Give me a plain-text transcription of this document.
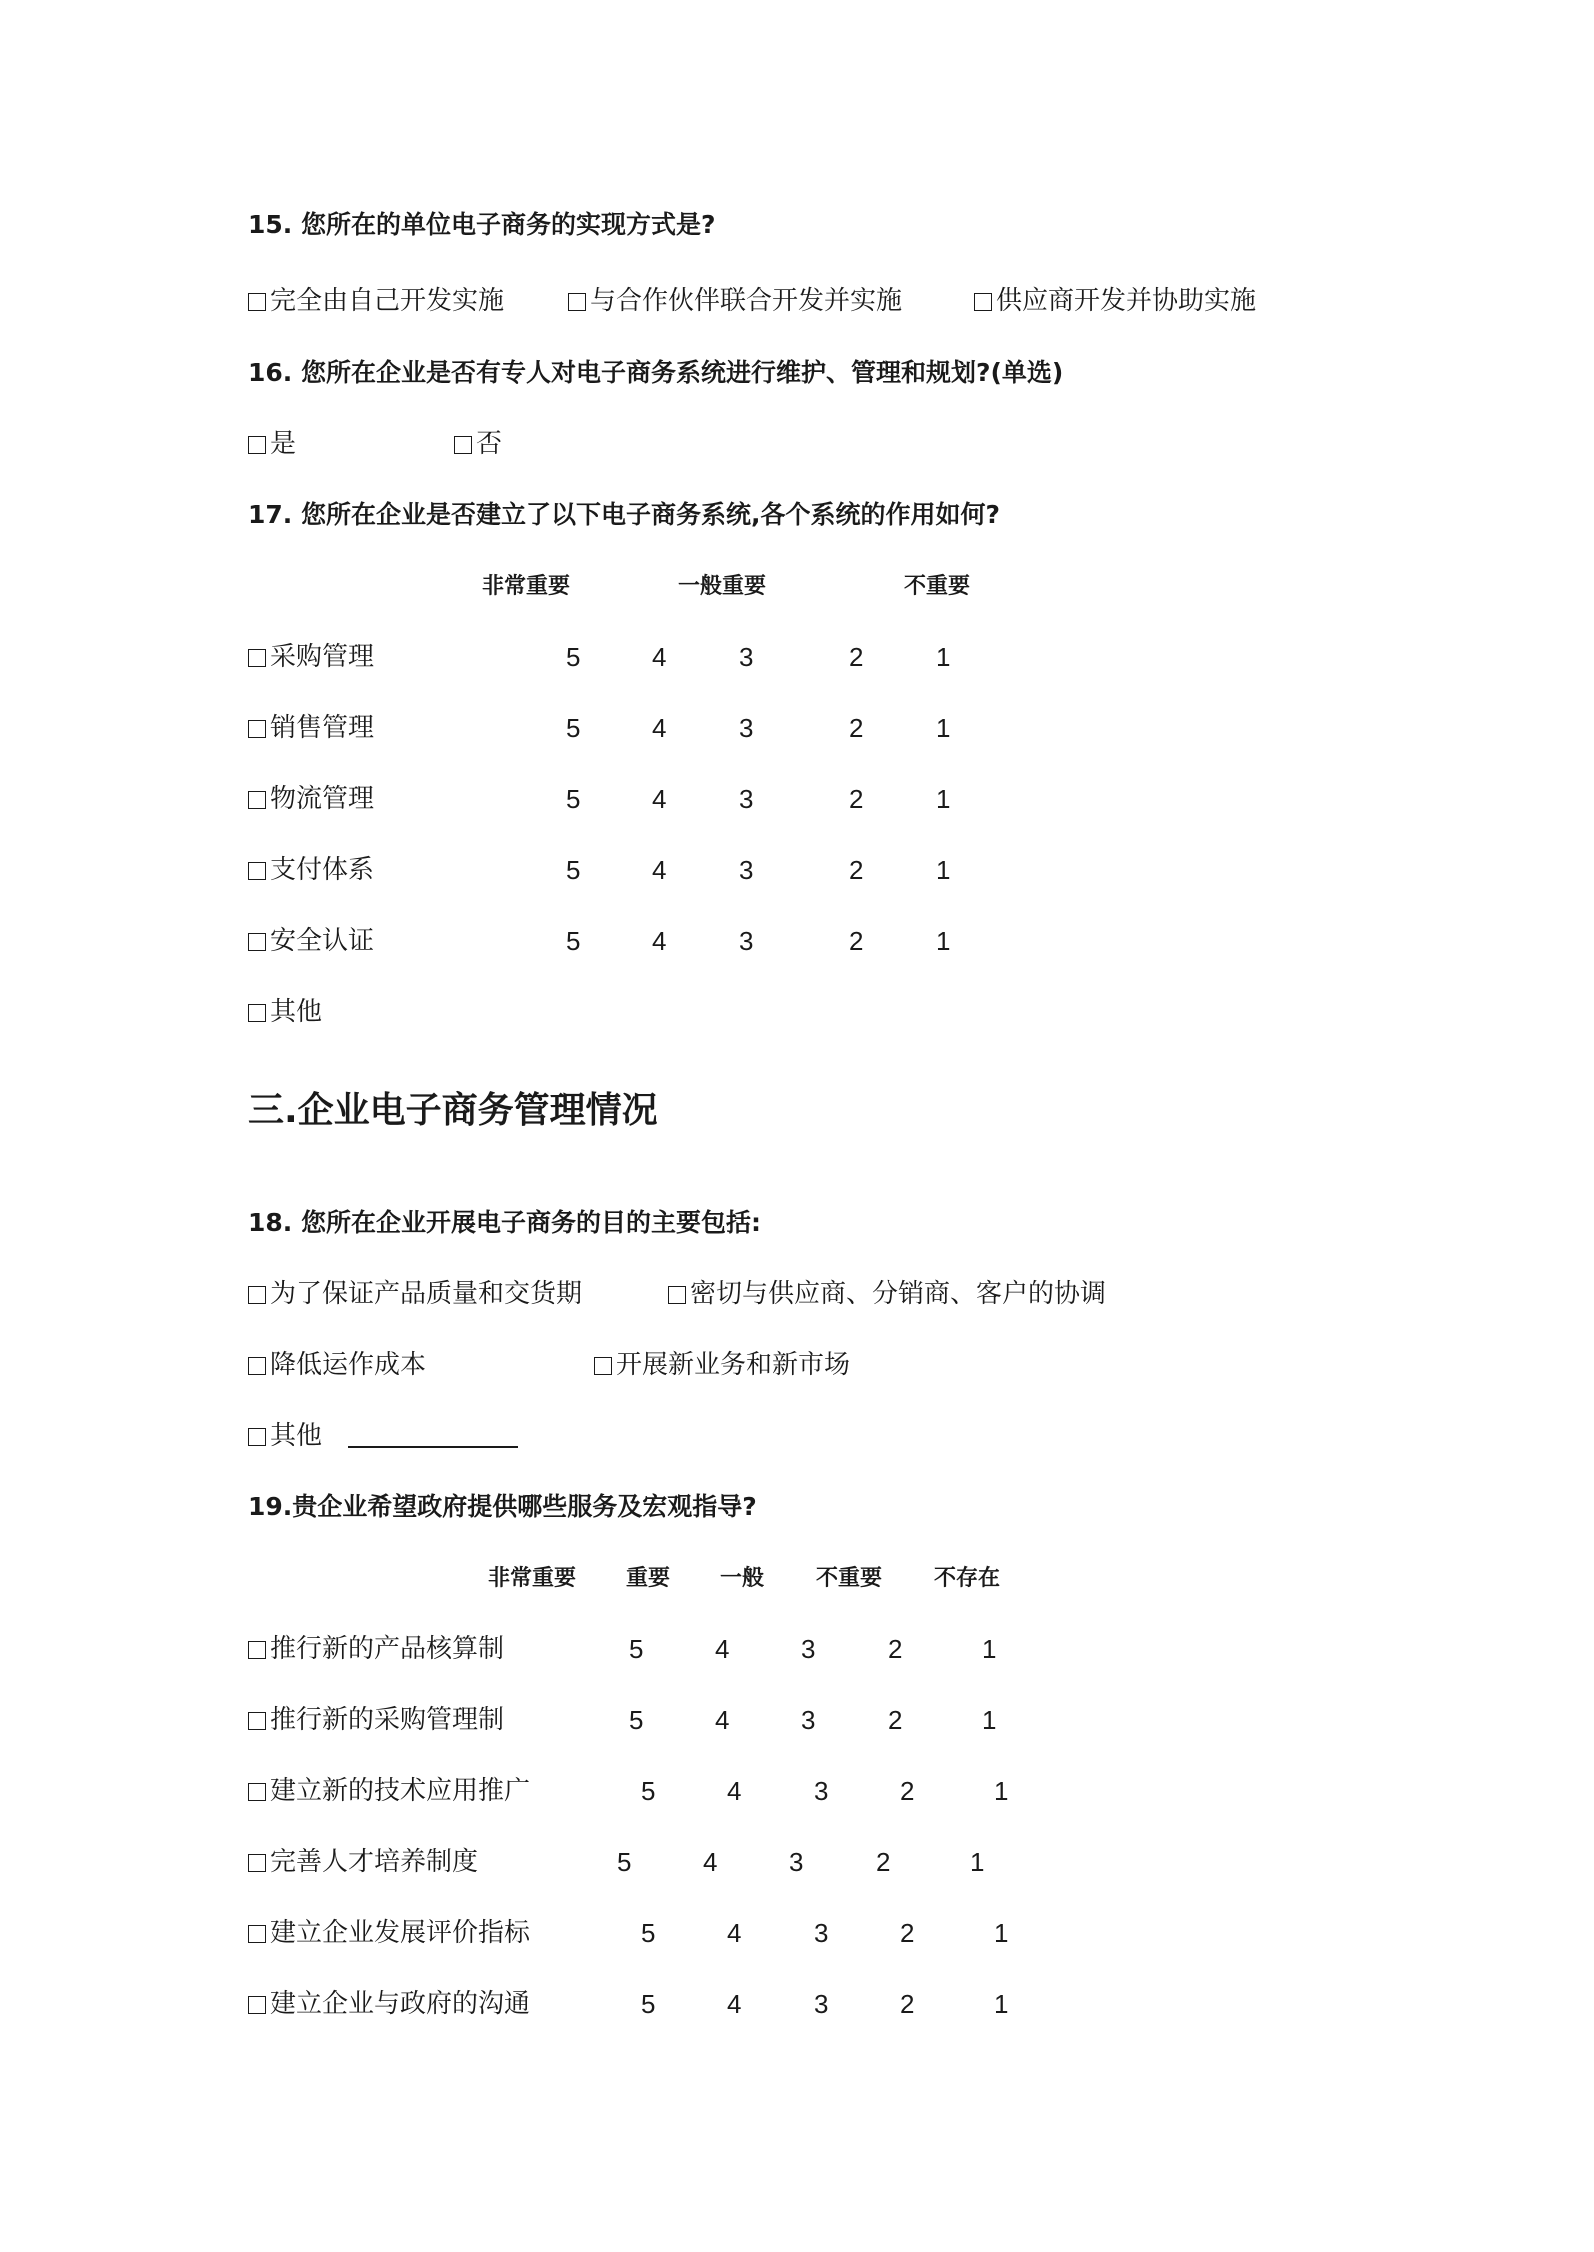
15. 您所在的单位电子商务的实现方式是?
完全由自己开发实施	与合作伙伴联合开发并实施	供应商开发并协助实施
16. 您所在企业是否有专人对电子商务系统进行维护、管理和规划?(单选)
是	否
17. 您所在企业是否建立了以下电子商务系统,各个系统的作用如何?
非常重要	一般重要	不重要
采购管理	5	4	3	2	1
销售管理	5	4	3	2	1
物流管理	5	4	3	2	1
支付体系	5	4	3	2	1
安全认证	5	4	3	2	1
其他
三.企业电子商务管理情况
18. 您所在企业开展电子商务的目的主要包括:
为了保证产品质量和交货期	密切与供应商、分销商、客户的协调
降低运作成本	开展新业务和新市场
其他
19.贵企业希望政府提供哪些服务及宏观指导?
非常重要 重要 一般 不重要 不存在
推行新的产品核算制	5	4	3	2	1
推行新的采购管理制	5	4	3	2	1
建立新的技术应用推广	5	4	3	2	1
完善人才培养制度	5	4	3	2	1
建立企业发展评价指标	5	4	3	2	1
建立企业与政府的沟通	5	4	3	2	1
